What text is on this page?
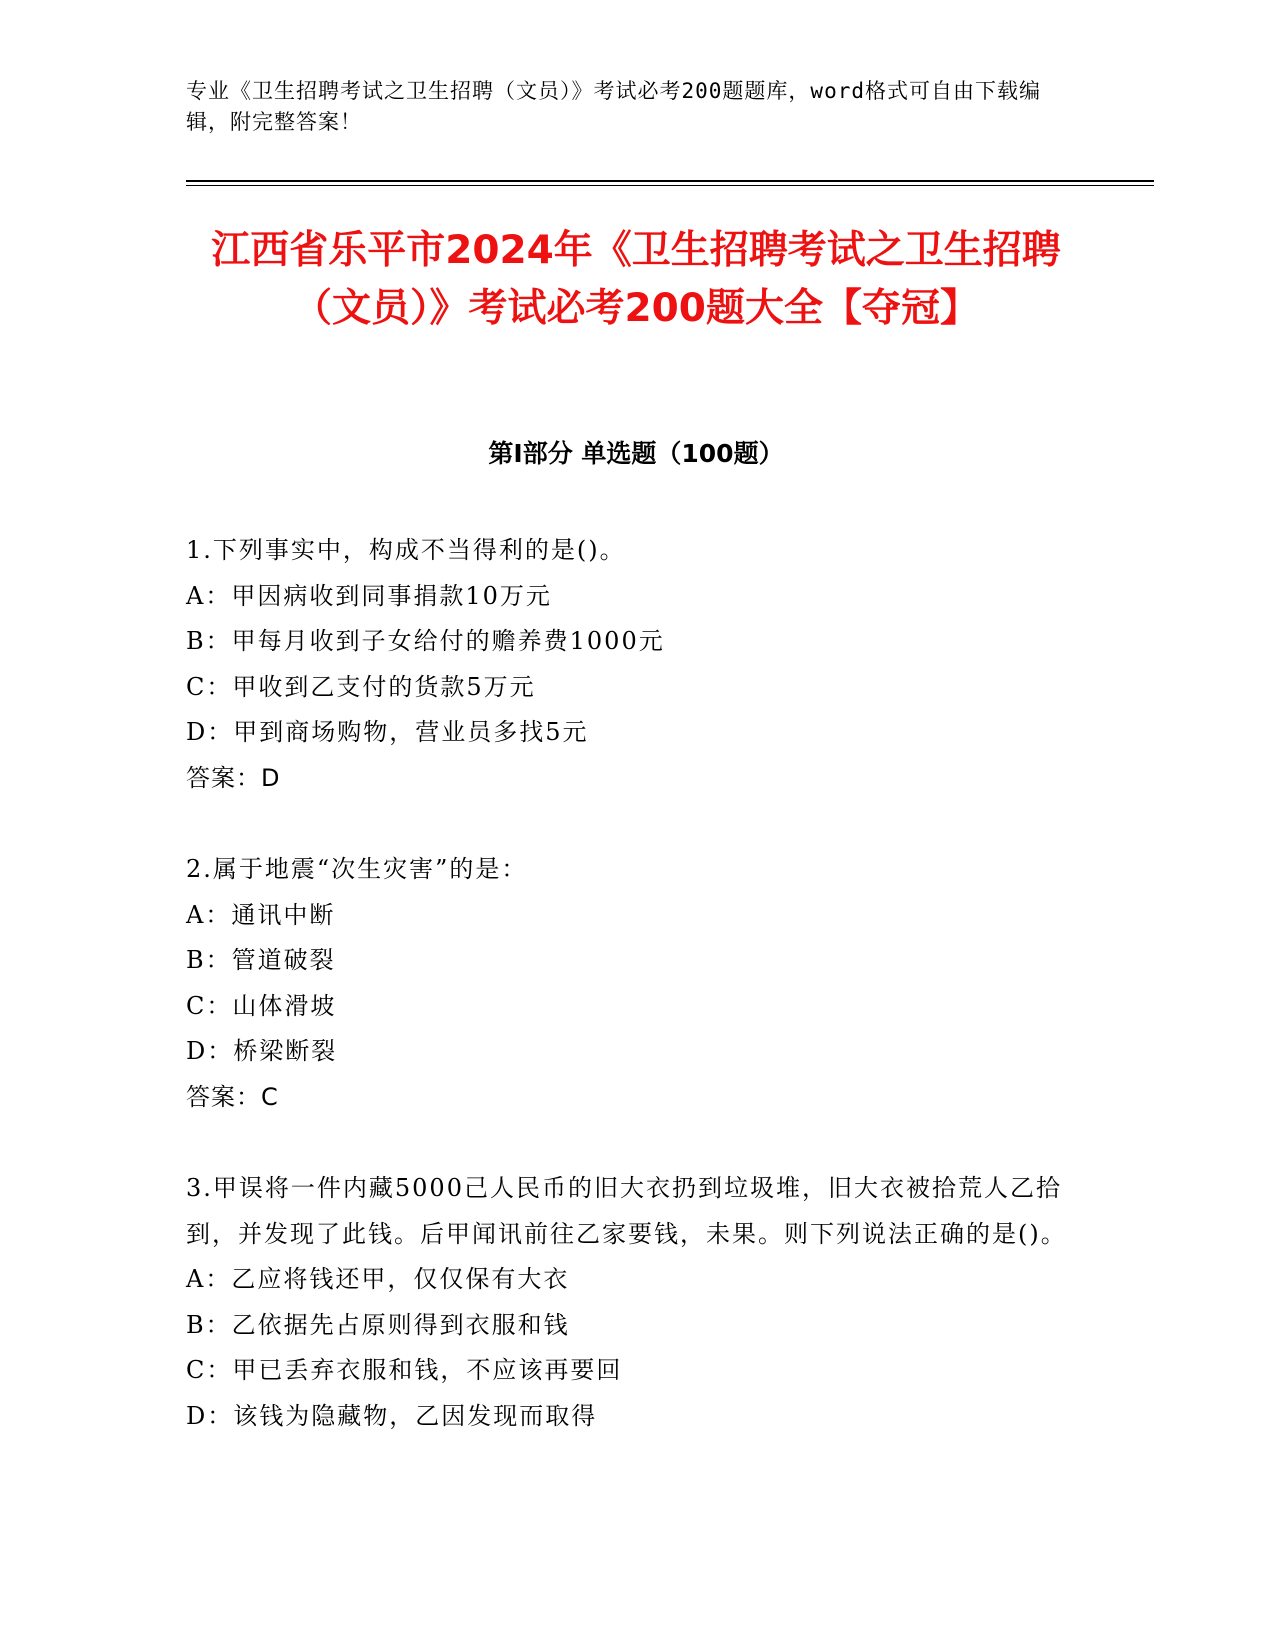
专业《卫生招聘考试之卫生招聘（文员）》考试必考200题题库，word格式可自由下载编辑，附完整答案！
江西省乐平市2024年《卫生招聘考试之卫生招聘（文员）》考试必考200题大全【夺冠】
第I部分 单选题（100题）
1.下列事实中，构成不当得利的是()。
A：甲因病收到同事捐款10万元
B：甲每月收到子女给付的赡养费1000元
C：甲收到乙支付的货款5万元
D：甲到商场购物，营业员多找5元
答案：D
2.属于地震“次生灾害”的是：
A：通讯中断
B：管道破裂
C：山体滑坡
D：桥梁断裂
答案：C
3.甲误将一件内藏5000己人民币的旧大衣扔到垃圾堆，旧大衣被拾荒人乙拾到，并发现了此钱。后甲闻讯前往乙家要钱，未果。则下列说法正确的是()。
A：乙应将钱还甲，仅仅保有大衣
B：乙依据先占原则得到衣服和钱
C：甲已丢弃衣服和钱，不应该再要回
D：该钱为隐藏物，乙因发现而取得
